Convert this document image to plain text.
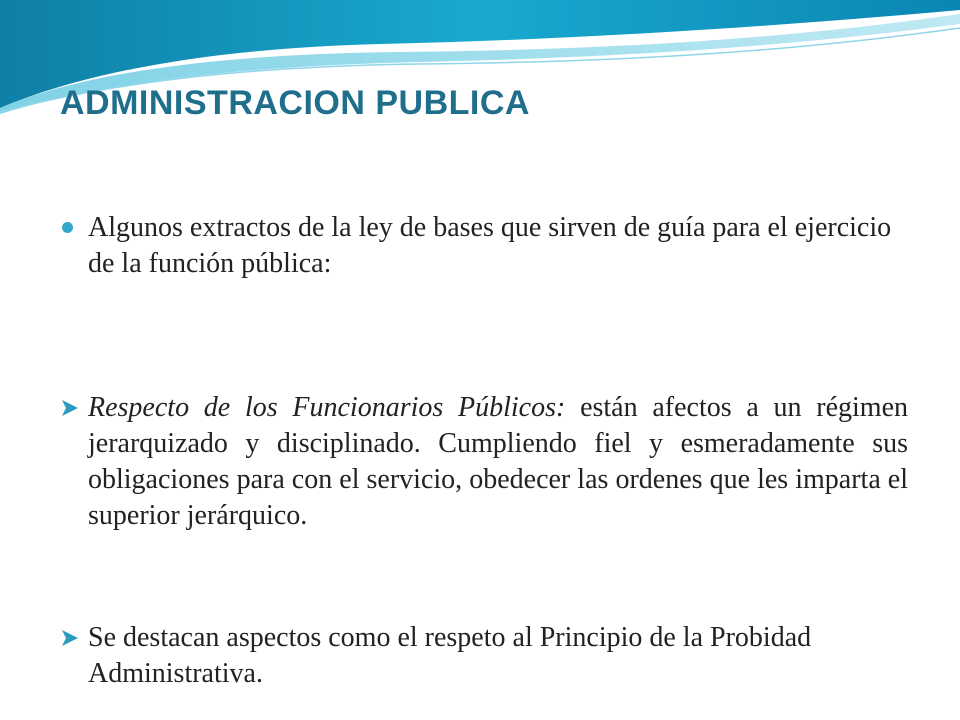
ADMINISTRACION PUBLICA
Algunos extractos de la ley de bases que sirven de guía para el ejercicio de la función pública:
Respecto de los Funcionarios Públicos: están afectos a un régimen jerarquizado y disciplinado. Cumpliendo fiel y esmeradamente sus obligaciones para con el servicio, obedecer las ordenes que les imparta el superior jerárquico.
Se destacan aspectos como el respeto al Principio de la Probidad Administrativa.
